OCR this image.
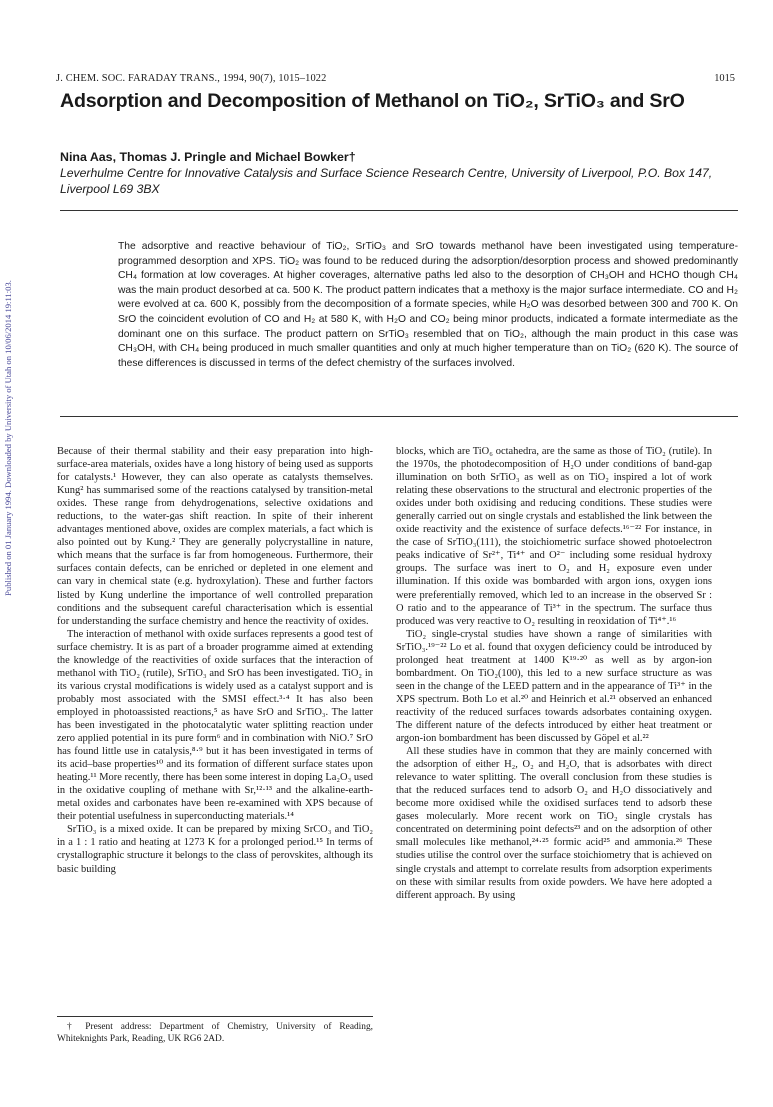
Published on 01 January 1994. Downloaded by University of Utah on 10/06/2014 19:11:03.
J. CHEM. SOC. FARADAY TRANS., 1994, 90(7), 1015–1022	1015
Adsorption and Decomposition of Methanol on TiO₂, SrTiO₃ and SrO
Nina Aas, Thomas J. Pringle and Michael Bowker†
Leverhulme Centre for Innovative Catalysis and Surface Science Research Centre, University of Liverpool, P.O. Box 147, Liverpool L69 3BX
The adsorptive and reactive behaviour of TiO₂, SrTiO₃ and SrO towards methanol have been investigated using temperature-programmed desorption and XPS. TiO₂ was found to be reduced during the adsorption/desorption process and showed predominantly CH₄ formation at low coverages. At higher coverages, alternative paths led also to the desorption of CH₃OH and HCHO though CH₄ was the main product desorbed at ca. 500 K. The product pattern indicates that a methoxy is the major surface intermediate. CO and H₂ were evolved at ca. 600 K, possibly from the decomposition of a formate species, while H₂O was desorbed between 300 and 700 K. On SrO the coincident evolution of CO and H₂ at 580 K, with H₂O and CO₂ being minor products, indicated a formate intermediate as the dominant one on this surface. The product pattern on SrTiO₃ resembled that on TiO₂, although the main product in this case was CH₃OH, with CH₄ being produced in much smaller quantities and only at much higher temperature than on TiO₂ (620 K). The source of these differences is discussed in terms of the defect chemistry of the surfaces involved.

Because of their thermal stability and their easy preparation into high-surface-area materials, oxides have a long history of being used as supports for catalysts.¹ However, they can also operate as catalysts themselves. Kung² has summarised some of the reactions catalysed by transition-metal oxides. These range from dehydrogenations, selective oxidations and reductions, to the water-gas shift reaction. In spite of their inherent advantages mentioned above, oxides are complex materials, a fact which is also pointed out by Kung.² They are generally polycrystalline in nature, which means that the surface is far from homogeneous. Furthermore, their surfaces contain defects, can be enriched or depleted in one element and can vary in chemical state (e.g. hydroxylation). These and further factors listed by Kung underline the importance of well controlled preparation conditions and the subsequent careful characterisation which is essential for understanding the surface chemistry and hence the reactivity of oxides.

The interaction of methanol with oxide surfaces represents a good test of surface chemistry. It is as part of a broader programme aimed at extending the knowledge of the reactivities of oxide surfaces that the interaction of methanol with TiO₂ (rutile), SrTiO₃ and SrO has been investigated. TiO₂ in its various crystal modifications is widely used as a catalyst support and is probably most associated with the SMSI effect.³·⁴ It has also been employed in photoassisted reactions,⁵ as have SrO and SrTiO₃. The latter has been investigated in the photocatalytic water splitting reaction under zero applied potential in its pure form⁶ and in combination with NiO.⁷ SrO has found little use in catalysis,⁸·⁹ but it has been investigated in terms of its acid–base properties¹⁰ and its formation of different surface states upon heating.¹¹ More recently, there has been some interest in doping La₂O₃ used in the oxidative coupling of methane with Sr,¹²·¹³ and the alkaline-earth-metal oxides and carbonates have been re-examined with XPS because of their potential usefulness in superconducting materials.¹⁴

SrTiO₃ is a mixed oxide. It can be prepared by mixing SrCO₃ and TiO₂ in a 1 : 1 ratio and heating at 1273 K for a prolonged period.¹⁵ In terms of crystallographic structure it belongs to the class of perovskites, although its basic building

blocks, which are TiO₆ octahedra, are the same as those of TiO₂ (rutile). In the 1970s, the photodecomposition of H₂O under conditions of band-gap illumination on both SrTiO₃ as well as on TiO₂ inspired a lot of work relating these observations to the structural and electronic properties of the oxides under both oxidising and reducing conditions. These studies were generally carried out on single crystals and established the link between the oxide reactivity and the existence of surface defects.¹⁶⁻²² For instance, in the case of SrTiO₃(111), the stoichiometric surface showed photoelectron peaks indicative of Sr²⁺, Ti⁴⁺ and O²⁻ including some residual hydroxy groups. The surface was inert to O₂ and H₂ exposure even under illumination. If this oxide was bombarded with argon ions, oxygen ions were preferentially removed, which led to an increase in the observed Sr : O ratio and to the appearance of Ti³⁺ in the spectrum. The surface thus produced was very reactive to O₂ resulting in reoxidation of Ti⁴⁺.¹⁶

TiO₂ single-crystal studies have shown a range of similarities with SrTiO₃.¹⁹⁻²² Lo et al. found that oxygen deficiency could be introduced by prolonged heat treatment at 1400 K¹⁹·²⁰ as well as by argon-ion bombardment. On TiO₂(100), this led to a new surface structure as was seen in the change of the LEED pattern and in the appearance of Ti³⁺ in the XPS spectrum. Both Lo et al.²⁰ and Heinrich et al.²¹ observed an enhanced reactivity of the reduced surfaces towards adsorbates containing oxygen. The different nature of the defects introduced by either heat treatment or argon-ion bombardment has been discussed by Göpel et al.²²

All these studies have in common that they are mainly concerned with the adsorption of either H₂, O₂ and H₂O, that is adsorbates with direct relevance to water splitting. The overall conclusion from these studies is that the reduced surfaces tend to adsorb O₂ and H₂O dissociatively and become more oxidised while the oxidised surfaces tend to adsorb these gases molecularly. More recent work on TiO₂ single crystals has concentrated on determining point defects²³ and on the adsorption of other small molecules like methanol,²⁴·²⁵ formic acid²⁵ and ammonia.²⁶ These studies utilise the control over the surface stoichiometry that is achieved on single crystals and attempt to correlate results from adsorption experiments on these with similar results from oxide powders. We have here adopted a different approach. By using

† Present address: Department of Chemistry, University of Reading, Whiteknights Park, Reading, UK RG6 2AD.
